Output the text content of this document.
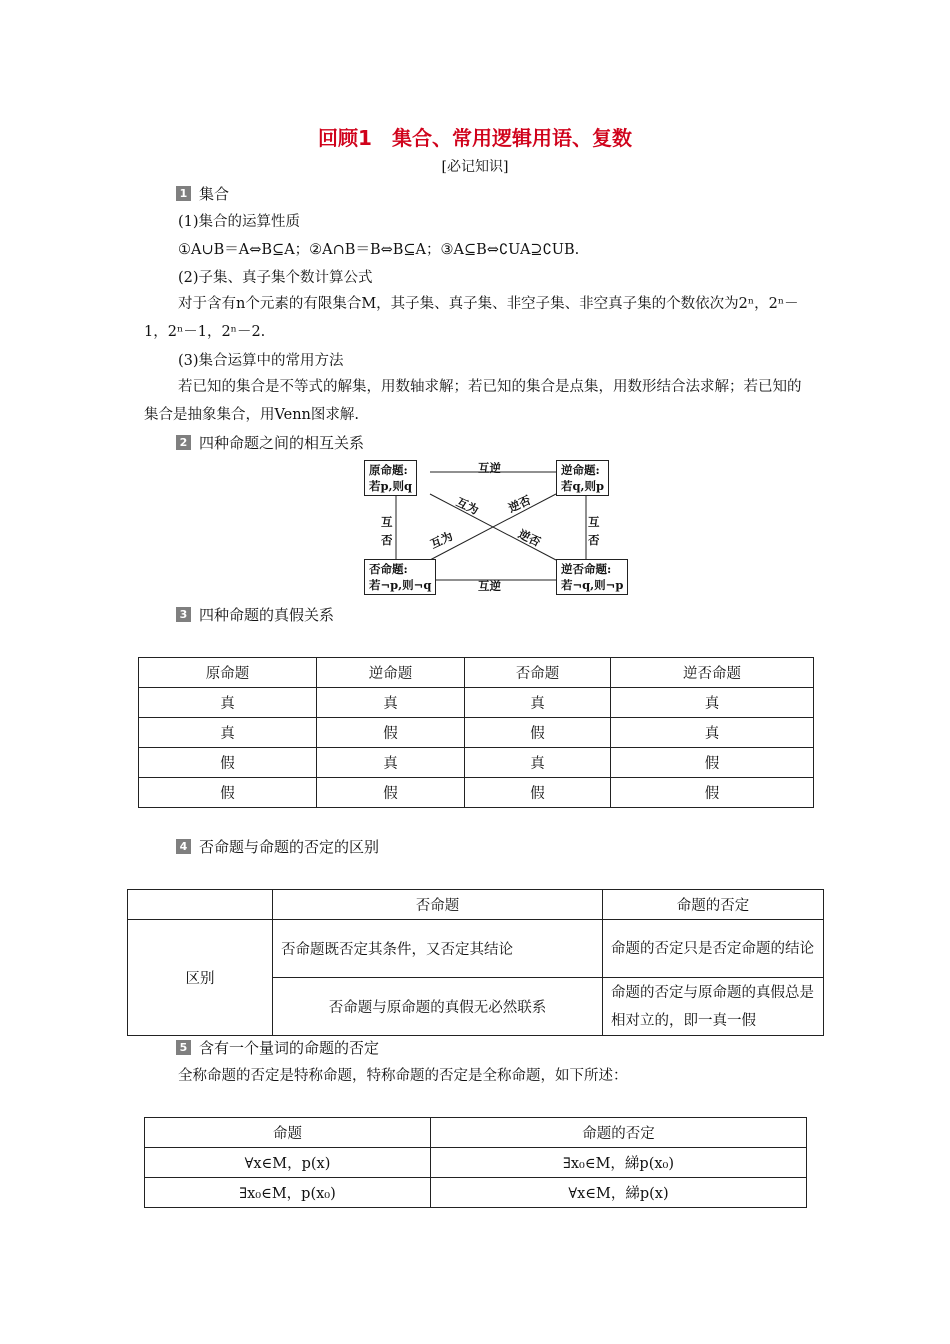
回顾1　集合、常用逻辑用语、复数
[必记知识]
1 集合
(1)集合的运算性质
①A∪B＝A⇔B⊆A；②A∩B＝B⇔B⊆A；③A⊆B⇔∁UA⊇∁UB.
(2)子集、真子集个数计算公式
对于含有n个元素的有限集合M，其子集、真子集、非空子集、非空真子集的个数依次为2ⁿ，2ⁿ－1，2ⁿ－1，2ⁿ－2.
(3)集合运算中的常用方法
若已知的集合是不等式的解集，用数轴求解；若已知的集合是点集，用数形结合法求解；若已知的集合是抽象集合，用Venn图求解.
2 四种命题之间的相互关系
原命题:
若p,则q
逆命题:
若q,则p
否命题:
若¬p,则¬q
逆否命题:
若¬q,则¬p
互逆
互逆
互
否
互
否
互为 逆否
互为	逆否
3 四种命题的真假关系
原命题	逆命题	否命题	逆否命题
真	真	真	真
真	假	假	真
假	真	真	假
假	假	假	假
4 否命题与命题的否定的区别
	否命题	命题的否定
区别	否命题既否定其条件，又否定其结论	命题的否定只是否定命题的结论
	否命题与原命题的真假无必然联系	命题的否定与原命题的真假总是相对立的，即一真一假
5 含有一个量词的命题的否定
全称命题的否定是特称命题，特称命题的否定是全称命题，如下所述：
命题	命题的否定
∀x∈M，p(x)	∃x₀∈M，綈p(x₀)
∃x₀∈M，p(x₀)	∀x∈M，綈p(x)
